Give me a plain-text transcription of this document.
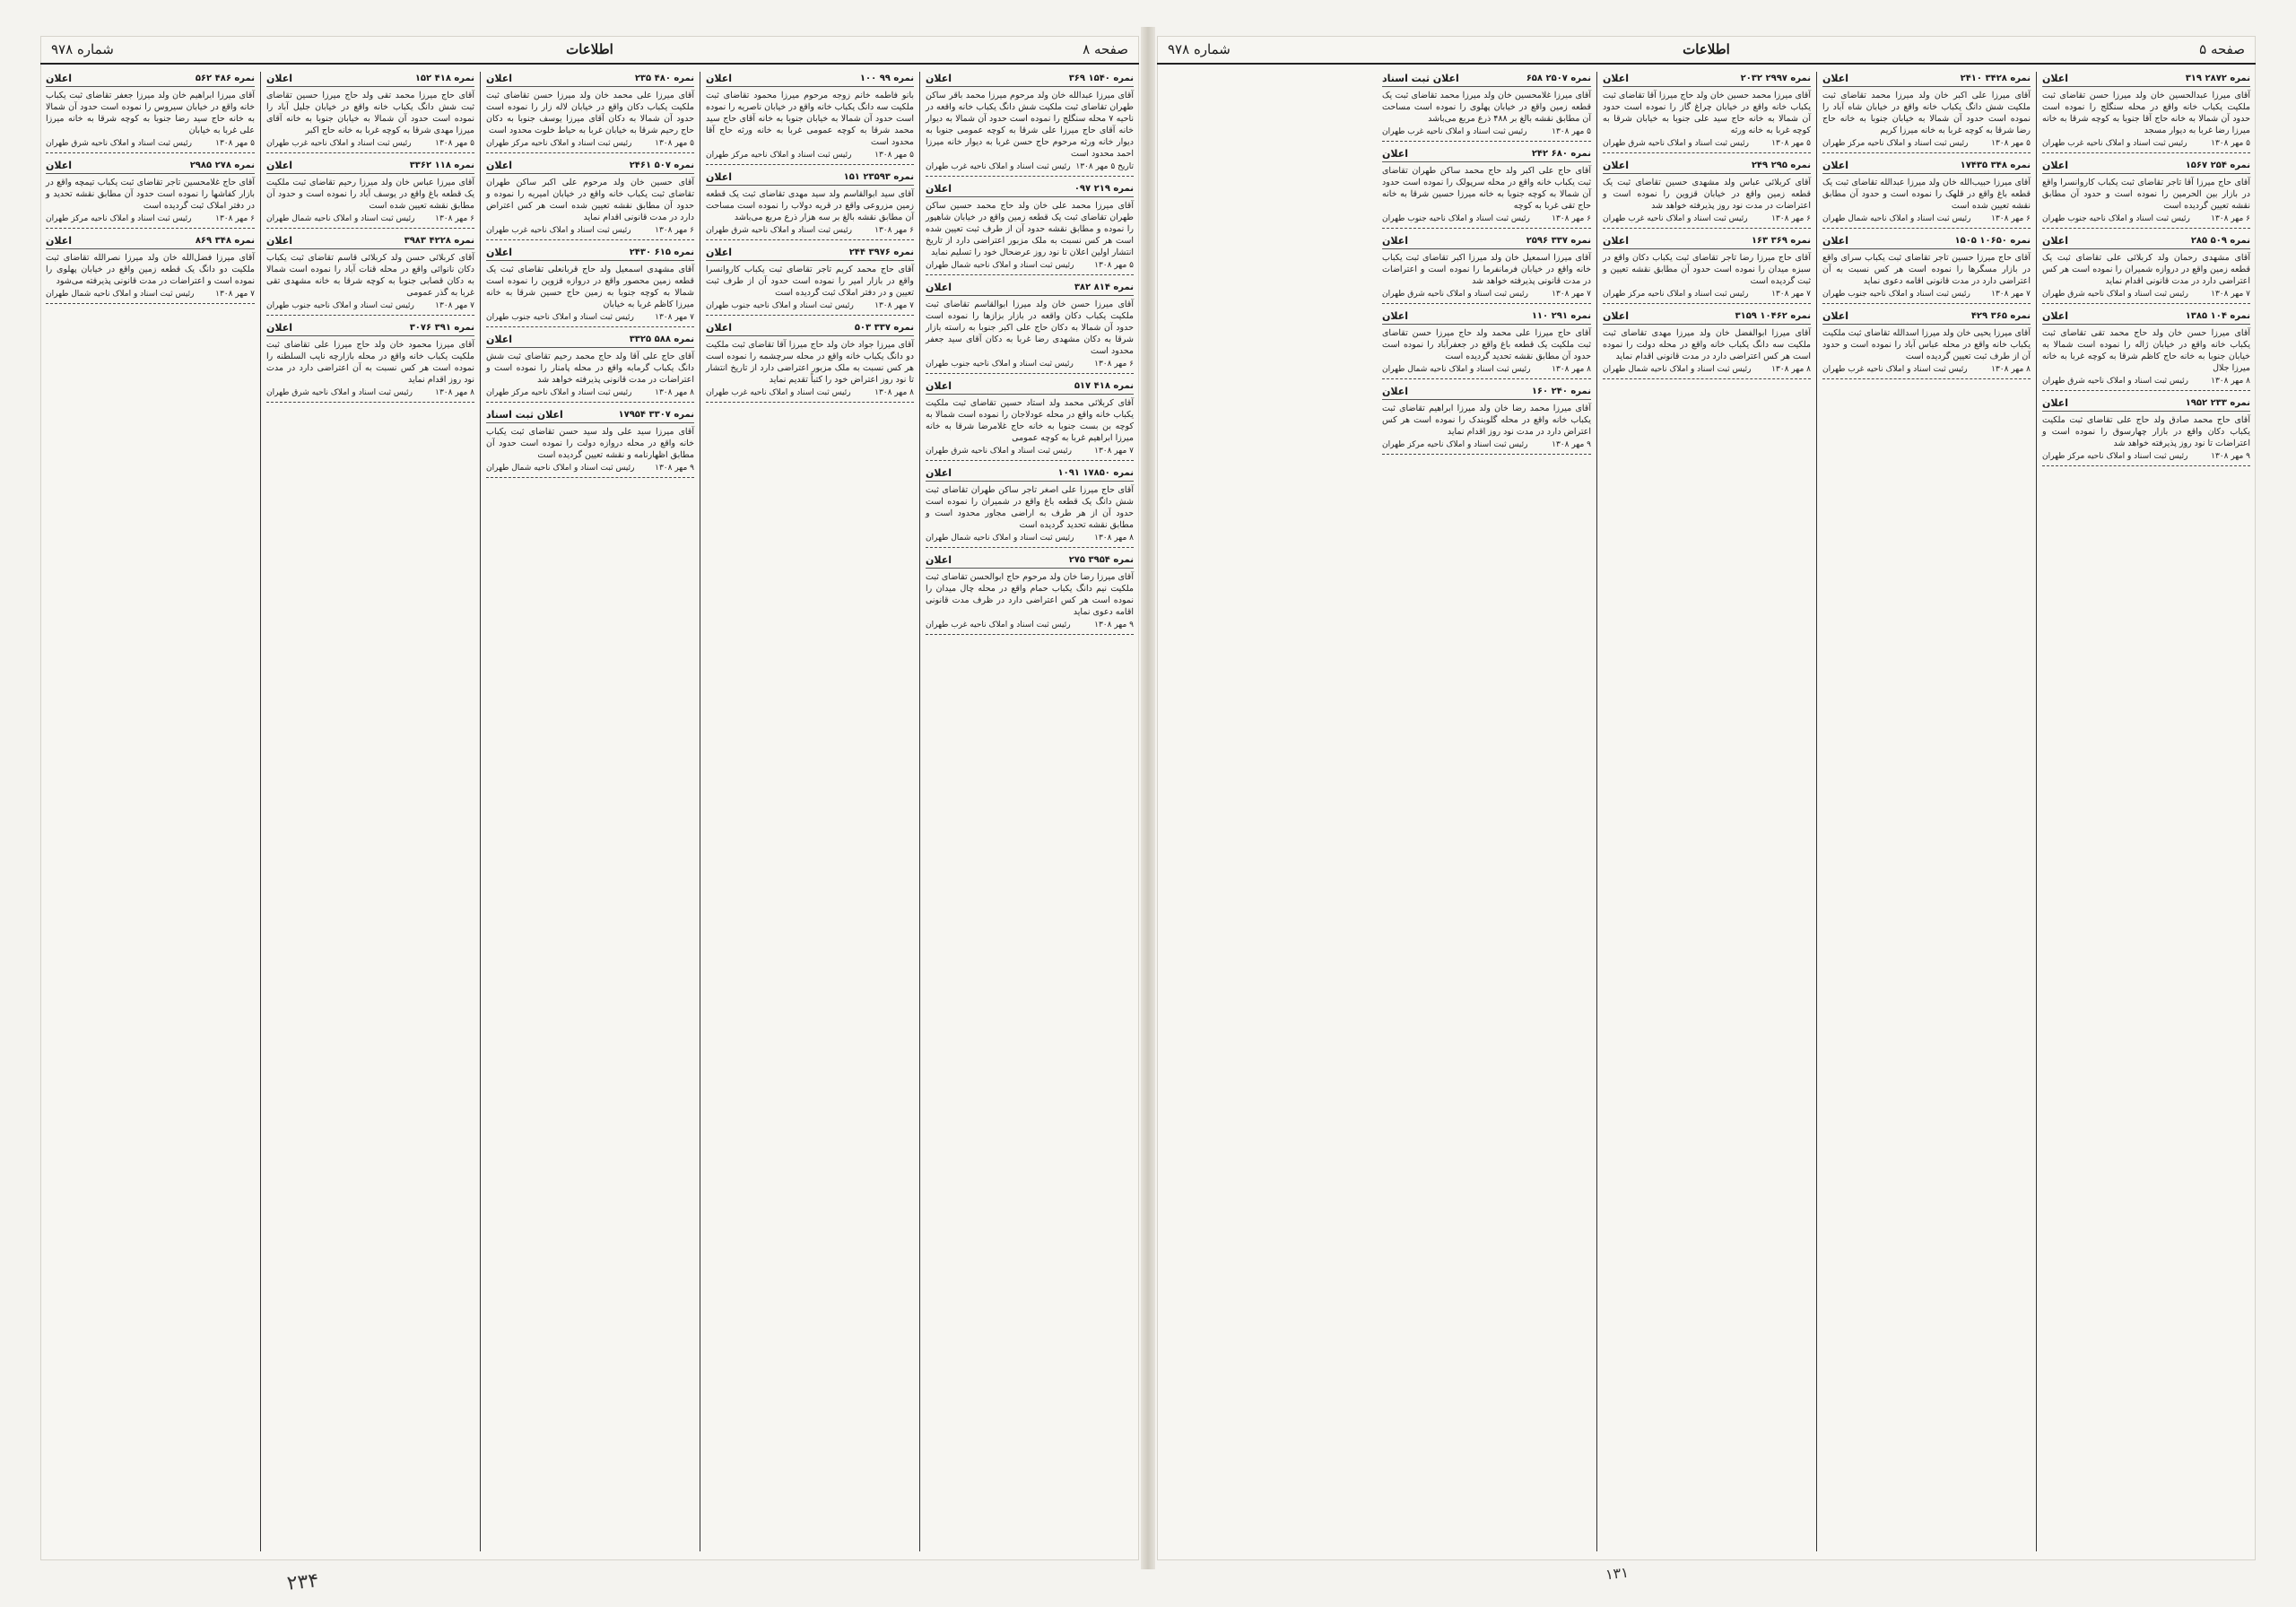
صفحه ۸
اطلاعات
شماره ۹۷۸
نمره ۱۵۴۰ ۳۶۹
اعلان
آقای میرزا عبدالله خان ولد مرحوم میرزا محمد باقر ساکن طهران تقاضای ثبت ملکیت شش دانگ یکباب خانه واقعه در ناحیه ۷ محله سنگلج را نموده است حدود آن شمالا به دیوار خانه آقای حاج میرزا علی شرقا به کوچه عمومی جنوبا به دیوار خانه ورثه مرحوم حاج حسن غربا به دیوار خانه میرزا احمد محدود است
تاریخ ۵ مهر ۱۳۰۸
رئیس ثبت اسناد و املاک ناحیه غرب طهران
نمره ۲۱۹ ۰۹۷
اعلان
آقای میرزا محمد علی خان ولد حاج محمد حسین ساکن طهران تقاضای ثبت یک قطعه زمین واقع در خیابان شاهپور را نموده و مطابق نقشه حدود آن از طرف ثبت تعیین شده است هر کس نسبت به ملک مزبور اعتراضی دارد از تاریخ انتشار اولین اعلان تا نود روز عرضحال خود را تسلیم نماید
۵ مهر ۱۳۰۸
رئیس ثبت اسناد و املاک ناحیه شمال طهران
نمره ۸۱۴ ۳۸۲
اعلان
آقای میرزا حسن خان ولد میرزا ابوالقاسم تقاضای ثبت ملکیت یکباب دکان واقعه در بازار بزازها را نموده است حدود آن شمالا به دکان حاج علی اکبر جنوبا به راسته بازار شرقا به دکان مشهدی رضا غربا به دکان آقای سید جعفر محدود است
۶ مهر ۱۳۰۸
رئیس ثبت اسناد و املاک ناحیه جنوب طهران
نمره ۴۱۸ ۵۱۷
اعلان
آقای کربلائی محمد ولد استاد حسین تقاضای ثبت ملکیت یکباب خانه واقع در محله عودلاجان را نموده است شمالا به کوچه بن بست جنوبا به خانه حاج غلامرضا شرقا به خانه میرزا ابراهیم غربا به کوچه عمومی
۷ مهر ۱۳۰۸
رئیس ثبت اسناد و املاک ناحیه شرق طهران
نمره ۱۷۸۵۰ ۱۰۹۱
اعلان
آقای حاج میرزا علی اصغر تاجر ساکن طهران تقاضای ثبت شش دانگ یک قطعه باغ واقع در شمیران را نموده است حدود آن از هر طرف به اراضی مجاور محدود است و مطابق نقشه تحدید گردیده است
۸ مهر ۱۳۰۸
رئیس ثبت اسناد و املاک ناحیه شمال طهران
نمره ۳۹۵۴ ۲۷۵
اعلان
آقای میرزا رضا خان ولد مرحوم حاج ابوالحسن تقاضای ثبت ملکیت نیم دانگ یکباب حمام واقع در محله چال میدان را نموده است هر کس اعتراضی دارد در ظرف مدت قانونی اقامه دعوی نماید
۹ مهر ۱۳۰۸
رئیس ثبت اسناد و املاک ناحیه غرب طهران
نمره ۹۹ ۱۰۰
اعلان
بانو فاطمه خانم زوجه مرحوم میرزا محمود تقاضای ثبت ملکیت سه دانگ یکباب خانه واقع در خیابان ناصریه را نموده است حدود آن شمالا به خیابان جنوبا به خانه آقای حاج سید محمد شرقا به کوچه عمومی غربا به خانه ورثه حاج آقا محدود است
۵ مهر ۱۳۰۸
رئیس ثبت اسناد و املاک ناحیه مرکز طهران
نمره ۲۳۵۹۳ ۱۵۱
اعلان
آقای سید ابوالقاسم ولد سید مهدی تقاضای ثبت یک قطعه زمین مزروعی واقع در قریه دولاب را نموده است مساحت آن مطابق نقشه بالغ بر سه هزار ذرع مربع می‌باشد
۶ مهر ۱۳۰۸
رئیس ثبت اسناد و املاک ناحیه شرق طهران
نمره ۳۹۷۶ ۲۴۴
اعلان
آقای حاج محمد کریم تاجر تقاضای ثبت یکباب کاروانسرا واقع در بازار امیر را نموده است حدود آن از طرف ثبت تعیین و در دفتر املاک ثبت گردیده است
۷ مهر ۱۳۰۸
رئیس ثبت اسناد و املاک ناحیه جنوب طهران
نمره ۳۳۷ ۵۰۳
اعلان
آقای میرزا جواد خان ولد حاج میرزا آقا تقاضای ثبت ملکیت دو دانگ یکباب خانه واقع در محله سرچشمه را نموده است هر کس نسبت به ملک مزبور اعتراضی دارد از تاریخ انتشار تا نود روز اعتراض خود را کتباً تقدیم نماید
۸ مهر ۱۳۰۸
رئیس ثبت اسناد و املاک ناحیه غرب طهران
نمره ۴۸۰ ۲۳۵
اعلان
آقای میرزا علی محمد خان ولد میرزا حسن تقاضای ثبت ملکیت یکباب دکان واقع در خیابان لاله زار را نموده است حدود آن شمالا به دکان آقای میرزا یوسف جنوبا به دکان حاج رحیم شرقا به خیابان غربا به حیاط خلوت محدود است
۵ مهر ۱۳۰۸
رئیس ثبت اسناد و املاک ناحیه مرکز طهران
نمره ۵۰۷ ۲۴۶۱
اعلان
آقای حسین خان ولد مرحوم علی اکبر ساکن طهران تقاضای ثبت یکباب خانه واقع در خیابان امیریه را نموده و حدود آن مطابق نقشه تعیین شده است هر کس اعتراض دارد در مدت قانونی اقدام نماید
۶ مهر ۱۳۰۸
رئیس ثبت اسناد و املاک ناحیه غرب طهران
نمره ۶۱۵ ۲۴۳۰
اعلان
آقای مشهدی اسمعیل ولد حاج قربانعلی تقاضای ثبت یک قطعه زمین محصور واقع در دروازه قزوین را نموده است شمالا به کوچه جنوبا به زمین حاج حسین شرقا به خانه میرزا کاظم غربا به خیابان
۷ مهر ۱۳۰۸
رئیس ثبت اسناد و املاک ناحیه جنوب طهران
نمره ۵۸۸ ۳۳۲۵
اعلان
آقای حاج علی آقا ولد حاج محمد رحیم تقاضای ثبت شش دانگ یکباب گرمابه واقع در محله پامنار را نموده است و اعتراضات در مدت قانونی پذیرفته خواهد شد
۸ مهر ۱۳۰۸
رئیس ثبت اسناد و املاک ناحیه مرکز طهران
نمره ۳۳۰۷ ۱۷۹۵۴
اعلان ثبت اسناد
آقای میرزا سید علی ولد سید حسن تقاضای ثبت یکباب خانه واقع در محله دروازه دولت را نموده است حدود آن مطابق اظهارنامه و نقشه تعیین گردیده است
۹ مهر ۱۳۰۸
رئیس ثبت اسناد و املاک ناحیه شمال طهران
نمره ۴۱۸ ۱۵۲
اعلان
آقای حاج میرزا محمد تقی ولد حاج میرزا حسین تقاضای ثبت شش دانگ یکباب خانه واقع در خیابان جلیل آباد را نموده است حدود آن شمالا به خیابان جنوبا به خانه آقای میرزا مهدی شرقا به کوچه غربا به خانه حاج اکبر
۵ مهر ۱۳۰۸
رئیس ثبت اسناد و املاک ناحیه غرب طهران
نمره ۱۱۸ ۳۳۶۲
اعلان
آقای میرزا عباس خان ولد میرزا رحیم تقاضای ثبت ملکیت یک قطعه باغ واقع در یوسف آباد را نموده است و حدود آن مطابق نقشه تعیین شده است
۶ مهر ۱۳۰۸
رئیس ثبت اسناد و املاک ناحیه شمال طهران
نمره ۴۲۲۸ ۳۹۸۳
اعلان
آقای کربلائی حسن ولد کربلائی قاسم تقاضای ثبت یکباب دکان نانوائی واقع در محله قنات آباد را نموده است شمالا به دکان قصابی جنوبا به کوچه شرقا به خانه مشهدی تقی غربا به گذر عمومی
۷ مهر ۱۳۰۸
رئیس ثبت اسناد و املاک ناحیه جنوب طهران
نمره ۳۹۱ ۳۰۷۶
اعلان
آقای میرزا محمود خان ولد حاج میرزا علی تقاضای ثبت ملکیت یکباب خانه واقع در محله بازارچه نایب السلطنه را نموده است هر کس نسبت به آن اعتراضی دارد در مدت نود روز اقدام نماید
۸ مهر ۱۳۰۸
رئیس ثبت اسناد و املاک ناحیه شرق طهران
نمره ۴۸۶ ۵۶۲
اعلان
آقای میرزا ابراهیم خان ولد میرزا جعفر تقاضای ثبت یکباب خانه واقع در خیابان سیروس را نموده است حدود آن شمالا به خانه حاج سید رضا جنوبا به کوچه شرقا به خانه میرزا علی غربا به خیابان
۵ مهر ۱۳۰۸
رئیس ثبت اسناد و املاک ناحیه شرق طهران
نمره ۲۷۸ ۲۹۸۵
اعلان
آقای حاج غلامحسین تاجر تقاضای ثبت یکباب تیمچه واقع در بازار کفاشها را نموده است حدود آن مطابق نقشه تحدید و در دفتر املاک ثبت گردیده است
۶ مهر ۱۳۰۸
رئیس ثبت اسناد و املاک ناحیه مرکز طهران
نمره ۳۴۸ ۸۶۹
اعلان
آقای میرزا فضل‌الله خان ولد میرزا نصرالله تقاضای ثبت ملکیت دو دانگ یک قطعه زمین واقع در خیابان پهلوی را نموده است و اعتراضات در مدت قانونی پذیرفته می‌شود
۷ مهر ۱۳۰۸
رئیس ثبت اسناد و املاک ناحیه شمال طهران
صفحه ۵
اطلاعات
شماره ۹۷۸
نمره ۲۸۷۲ ۳۱۹
اعلان
آقای میرزا عبدالحسین خان ولد میرزا حسن تقاضای ثبت ملکیت یکباب خانه واقع در محله سنگلج را نموده است حدود آن شمالا به خانه حاج آقا جنوبا به کوچه شرقا به خانه میرزا رضا غربا به دیوار مسجد
۵ مهر ۱۳۰۸
رئیس ثبت اسناد و املاک ناحیه غرب طهران
نمره ۲۵۴ ۱۵۶۷
اعلان
آقای حاج میرزا آقا تاجر تقاضای ثبت یکباب کاروانسرا واقع در بازار بین الحرمین را نموده است و حدود آن مطابق نقشه تعیین گردیده است
۶ مهر ۱۳۰۸
رئیس ثبت اسناد و املاک ناحیه جنوب طهران
نمره ۵۰۹ ۲۸۵
اعلان
آقای مشهدی رحمان ولد کربلائی علی تقاضای ثبت یک قطعه زمین واقع در دروازه شمیران را نموده است هر کس اعتراضی دارد در مدت قانونی اقدام نماید
۷ مهر ۱۳۰۸
رئیس ثبت اسناد و املاک ناحیه شرق طهران
نمره ۱۰۴ ۱۳۸۵
اعلان
آقای میرزا حسن خان ولد حاج محمد تقی تقاضای ثبت یکباب خانه واقع در خیابان ژاله را نموده است شمالا به خیابان جنوبا به خانه حاج کاظم شرقا به کوچه غربا به خانه میرزا جلال
۸ مهر ۱۳۰۸
رئیس ثبت اسناد و املاک ناحیه شرق طهران
نمره ۲۳۳ ۱۹۵۲
اعلان
آقای حاج محمد صادق ولد حاج علی تقاضای ثبت ملکیت یکباب دکان واقع در بازار چهارسوق را نموده است و اعتراضات تا نود روز پذیرفته خواهد شد
۹ مهر ۱۳۰۸
رئیس ثبت اسناد و املاک ناحیه مرکز طهران
نمره ۳۴۲۸ ۲۴۱۰
اعلان
آقای میرزا علی اکبر خان ولد میرزا محمد تقاضای ثبت ملکیت شش دانگ یکباب خانه واقع در خیابان شاه آباد را نموده است حدود آن شمالا به خیابان جنوبا به خانه حاج رضا شرقا به کوچه غربا به خانه میرزا کریم
۵ مهر ۱۳۰۸
رئیس ثبت اسناد و املاک ناحیه مرکز طهران
نمره ۳۴۸ ۱۷۴۳۵
اعلان
آقای میرزا حبیب‌الله خان ولد میرزا عبدالله تقاضای ثبت یک قطعه باغ واقع در قلهک را نموده است و حدود آن مطابق نقشه تعیین شده است
۶ مهر ۱۳۰۸
رئیس ثبت اسناد و املاک ناحیه شمال طهران
نمره ۱۰۶۵۰ ۱۵۰۵
اعلان
آقای حاج میرزا حسین تاجر تقاضای ثبت یکباب سرای واقع در بازار مسگرها را نموده است هر کس نسبت به آن اعتراضی دارد در مدت قانونی اقامه دعوی نماید
۷ مهر ۱۳۰۸
رئیس ثبت اسناد و املاک ناحیه جنوب طهران
نمره ۳۶۵ ۴۲۹
اعلان
آقای میرزا یحیی خان ولد میرزا اسدالله تقاضای ثبت ملکیت یکباب خانه واقع در محله عباس آباد را نموده است و حدود آن از طرف ثبت تعیین گردیده است
۸ مهر ۱۳۰۸
رئیس ثبت اسناد و املاک ناحیه غرب طهران
نمره ۲۹۹۷ ۲۰۳۲
اعلان
آقای میرزا محمد حسین خان ولد حاج میرزا آقا تقاضای ثبت یکباب خانه واقع در خیابان چراغ گاز را نموده است حدود آن شمالا به خانه حاج سید علی جنوبا به خیابان شرقا به کوچه غربا به خانه ورثه
۵ مهر ۱۳۰۸
رئیس ثبت اسناد و املاک ناحیه شرق طهران
نمره ۲۹۵ ۲۴۹
اعلان
آقای کربلائی عباس ولد مشهدی حسین تقاضای ثبت یک قطعه زمین واقع در خیابان قزوین را نموده است و اعتراضات در مدت نود روز پذیرفته خواهد شد
۶ مهر ۱۳۰۸
رئیس ثبت اسناد و املاک ناحیه غرب طهران
نمره ۳۶۹ ۱۶۳
اعلان
آقای حاج میرزا رضا تاجر تقاضای ثبت یکباب دکان واقع در سبزه میدان را نموده است حدود آن مطابق نقشه تعیین و ثبت گردیده است
۷ مهر ۱۳۰۸
رئیس ثبت اسناد و املاک ناحیه مرکز طهران
نمره ۱۰۴۶۲ ۳۱۵۹
اعلان
آقای میرزا ابوالفضل خان ولد میرزا مهدی تقاضای ثبت ملکیت سه دانگ یکباب خانه واقع در محله دولت را نموده است هر کس اعتراضی دارد در مدت قانونی اقدام نماید
۸ مهر ۱۳۰۸
رئیس ثبت اسناد و املاک ناحیه شمال طهران
نمره ۲۵۰۷ ۶۵۸
اعلان ثبت اسناد
آقای میرزا غلامحسین خان ولد میرزا محمد تقاضای ثبت یک قطعه زمین واقع در خیابان پهلوی را نموده است مساحت آن مطابق نقشه بالغ بر ۴۸۸ ذرع مربع می‌باشد
۵ مهر ۱۳۰۸
رئیس ثبت اسناد و املاک ناحیه غرب طهران
نمره ۶۸۰ ۲۴۲
اعلان
آقای حاج علی اکبر ولد حاج محمد ساکن طهران تقاضای ثبت یکباب خانه واقع در محله سرپولک را نموده است حدود آن شمالا به کوچه جنوبا به خانه میرزا حسین شرقا به خانه حاج تقی غربا به کوچه
۶ مهر ۱۳۰۸
رئیس ثبت اسناد و املاک ناحیه جنوب طهران
نمره ۳۳۷ ۲۵۹۶
اعلان
آقای میرزا اسمعیل خان ولد میرزا اکبر تقاضای ثبت یکباب خانه واقع در خیابان فرمانفرما را نموده است و اعتراضات در مدت قانونی پذیرفته خواهد شد
۷ مهر ۱۳۰۸
رئیس ثبت اسناد و املاک ناحیه شرق طهران
نمره ۲۹۱ ۱۱۰
اعلان
آقای حاج میرزا علی محمد ولد حاج میرزا حسن تقاضای ثبت ملکیت یک قطعه باغ واقع در جعفرآباد را نموده است حدود آن مطابق نقشه تحدید گردیده است
۸ مهر ۱۳۰۸
رئیس ثبت اسناد و املاک ناحیه شمال طهران
نمره ۲۴۰ ۱۶۰
اعلان
آقای میرزا محمد رضا خان ولد میرزا ابراهیم تقاضای ثبت یکباب خانه واقع در محله گلوبندک را نموده است هر کس اعتراض دارد در مدت نود روز اقدام نماید
۹ مهر ۱۳۰۸
رئیس ثبت اسناد و املاک ناحیه مرکز طهران
۲۳۴	۱۳۱
